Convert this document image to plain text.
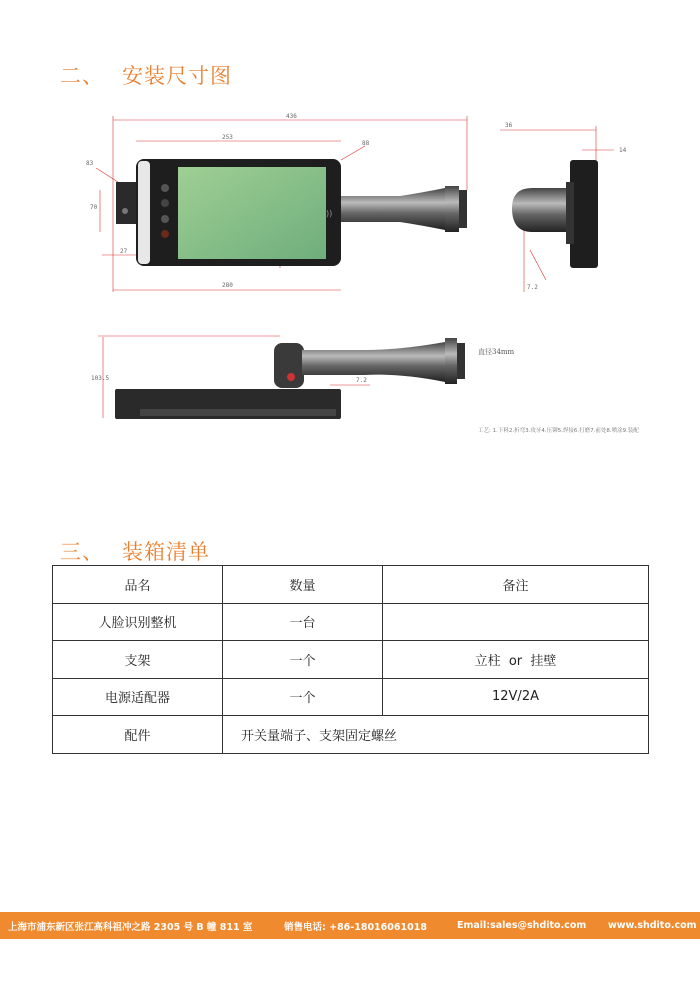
二、 安装尺寸图
436
253
83
88
70
27
280
))
36
14
7.2
103.5	7.2
直径34mm
工艺: 1.下料2.折弯3.攻牙4.压铆5.焊接6.打磨7.前处8.喷涂9.装配
三、 装箱清单
品名	数量	备注
人脸识别整机	一台	
支架	一个	立柱  or  挂壁
电源适配器	一个	12V/2A
配件	开关量端子、支架固定螺丝	
上海市浦东新区张江高科祖冲之路 2305 号 B 幢 811 室	销售电话: +86-18016061018	Email:sales@shdito.com www.shdito.com
